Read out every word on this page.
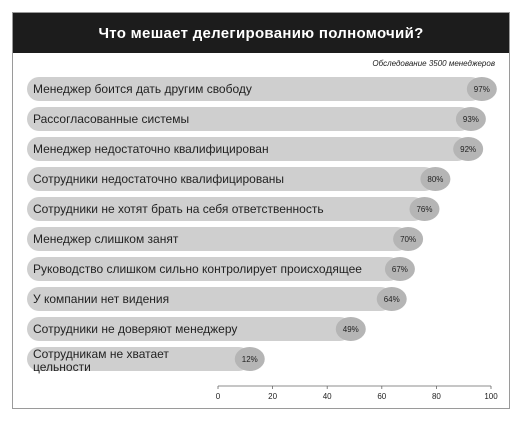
Что мешает делегированию полномочий?
Обследование 3500 менеджеров
97%
Менеджер боится дать другим свободу
93%
Рассогласованные системы
92%
Менеджер недостаточно квалифицирован
80%
Сотрудники недостаточно квалифицированы
76%
Сотрудники не хотят брать на себя ответственность
70%
Менеджер слишком занят
67%
Руководство слишком сильно контролирует происходящее
64%
У компании нет видения
49%
Сотрудники не доверяют менеджеру
12%
Сотрудникам не хватает цельности
0	20	40	60	80	100
